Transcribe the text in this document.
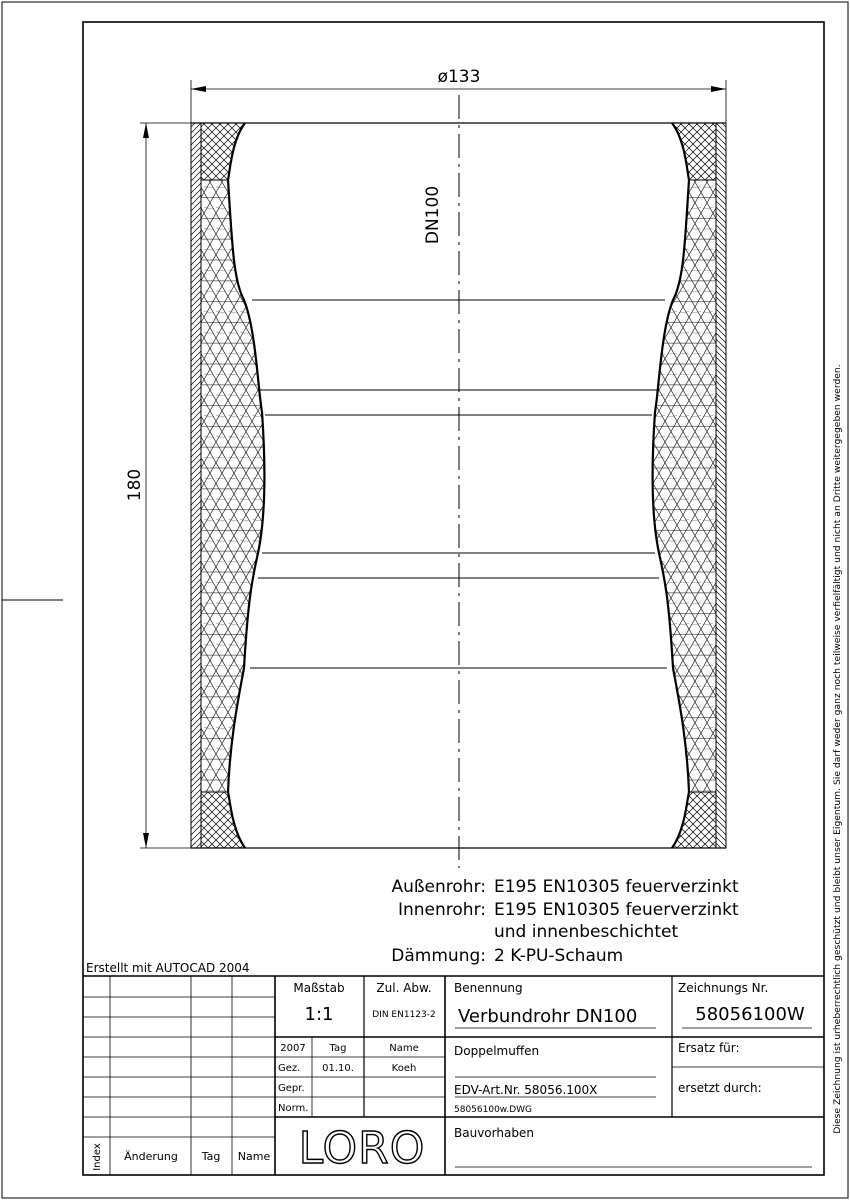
ø133
180
DN100
Außenrohr: E195 EN10305 feuerverzinkt
Innenrohr: E195 EN10305 feuerverzinkt
und innenbeschichtet
Dämmung: 2 K-PU-Schaum
Erstellt mit AUTOCAD 2004
Maßstab
1:1
Zul. Abw.
DIN EN1123-2
Benennung
Verbundrohr DN100
Zeichnungs Nr.
58056100W
2007 Tag	Name
Gez. 01.10.	Koeh
Gepr.
Norm.
Doppelmuffen	Ersatz für:
ersetzt durch:
EDV-Art.Nr. 58056.100X
58056100w.DWG
Bauvorhaben
LORO
Index Änderung Tag Name
Diese Zeichnung ist urheberrechtlich geschützt und bleibt unser Eigentum. Sie darf weder ganz noch teilweise verfielfältigt und nicht an Dritte weitergegeben werden.
